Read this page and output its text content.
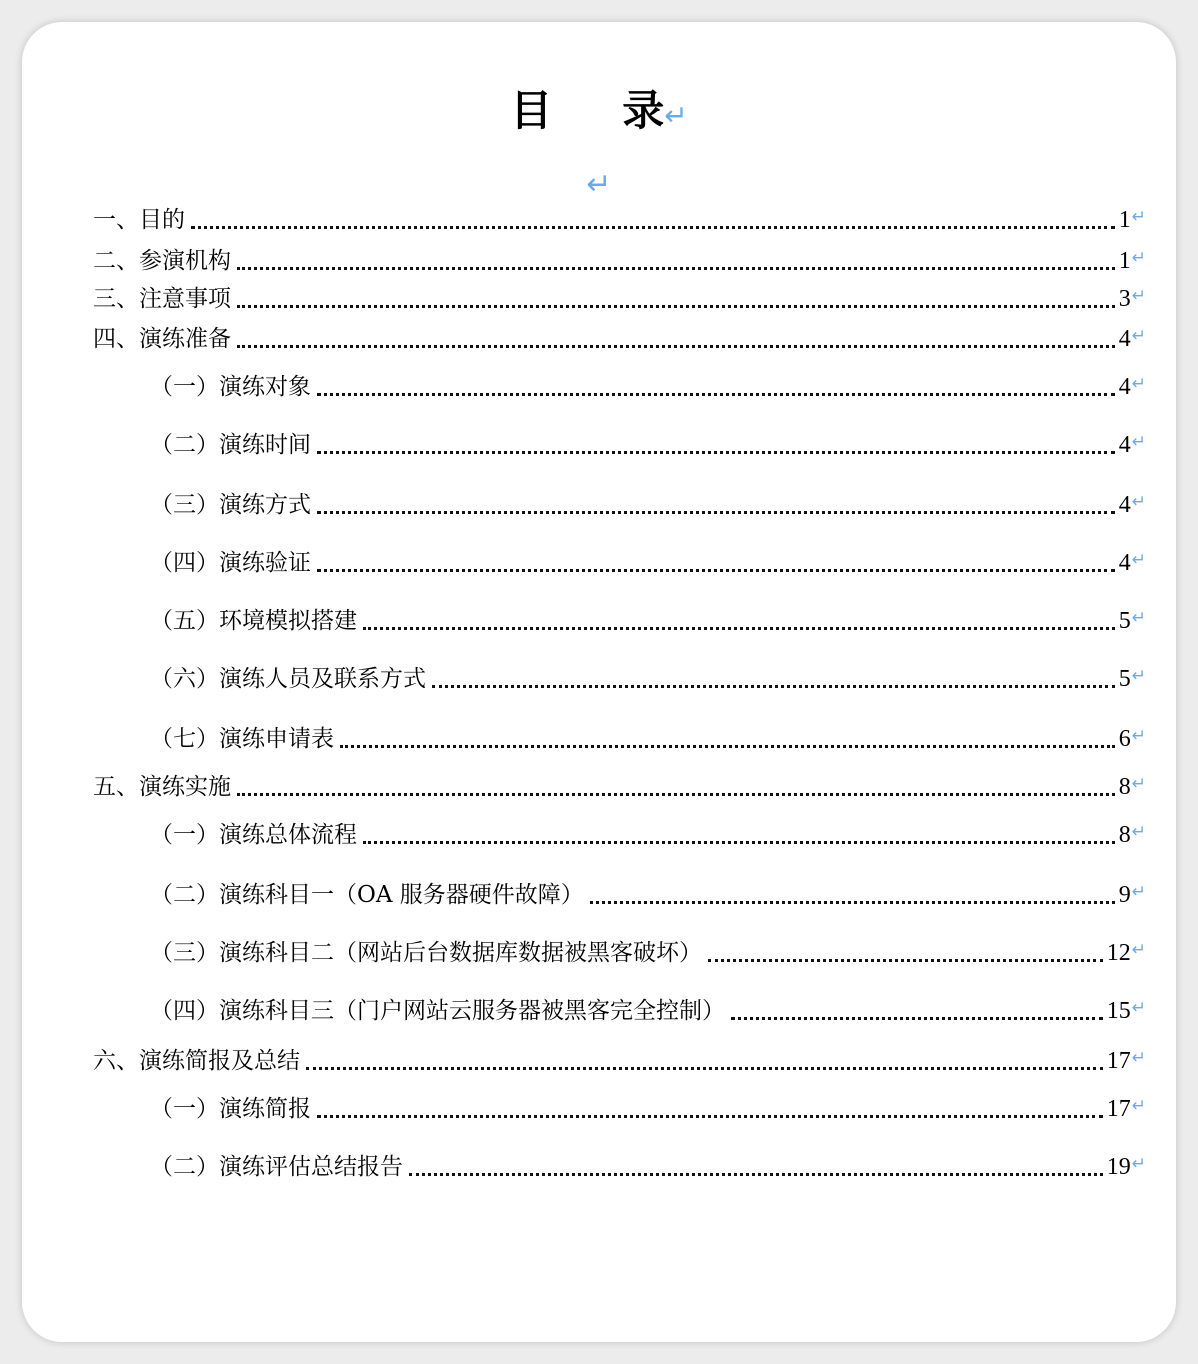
目 录↵
↵
一、目的	1 ↵
二、参演机构	1 ↵
三、注意事项	3 ↵
四、演练准备	4 ↵
（一）演练对象	4 ↵
（二）演练时间	4 ↵
（三）演练方式	4 ↵
（四）演练验证	4 ↵
（五）环境模拟搭建	5 ↵
（六）演练人员及联系方式	5 ↵
（七）演练申请表	6 ↵
五、演练实施	8 ↵
（一）演练总体流程	8 ↵
（二）演练科目一（OA 服务器硬件故障）	9 ↵
（三）演练科目二（网站后台数据库数据被黑客破坏）	12 ↵
（四）演练科目三（门户网站云服务器被黑客完全控制）	15 ↵
六、演练简报及总结	17 ↵
（一）演练简报	17 ↵
（二）演练评估总结报告	19 ↵
